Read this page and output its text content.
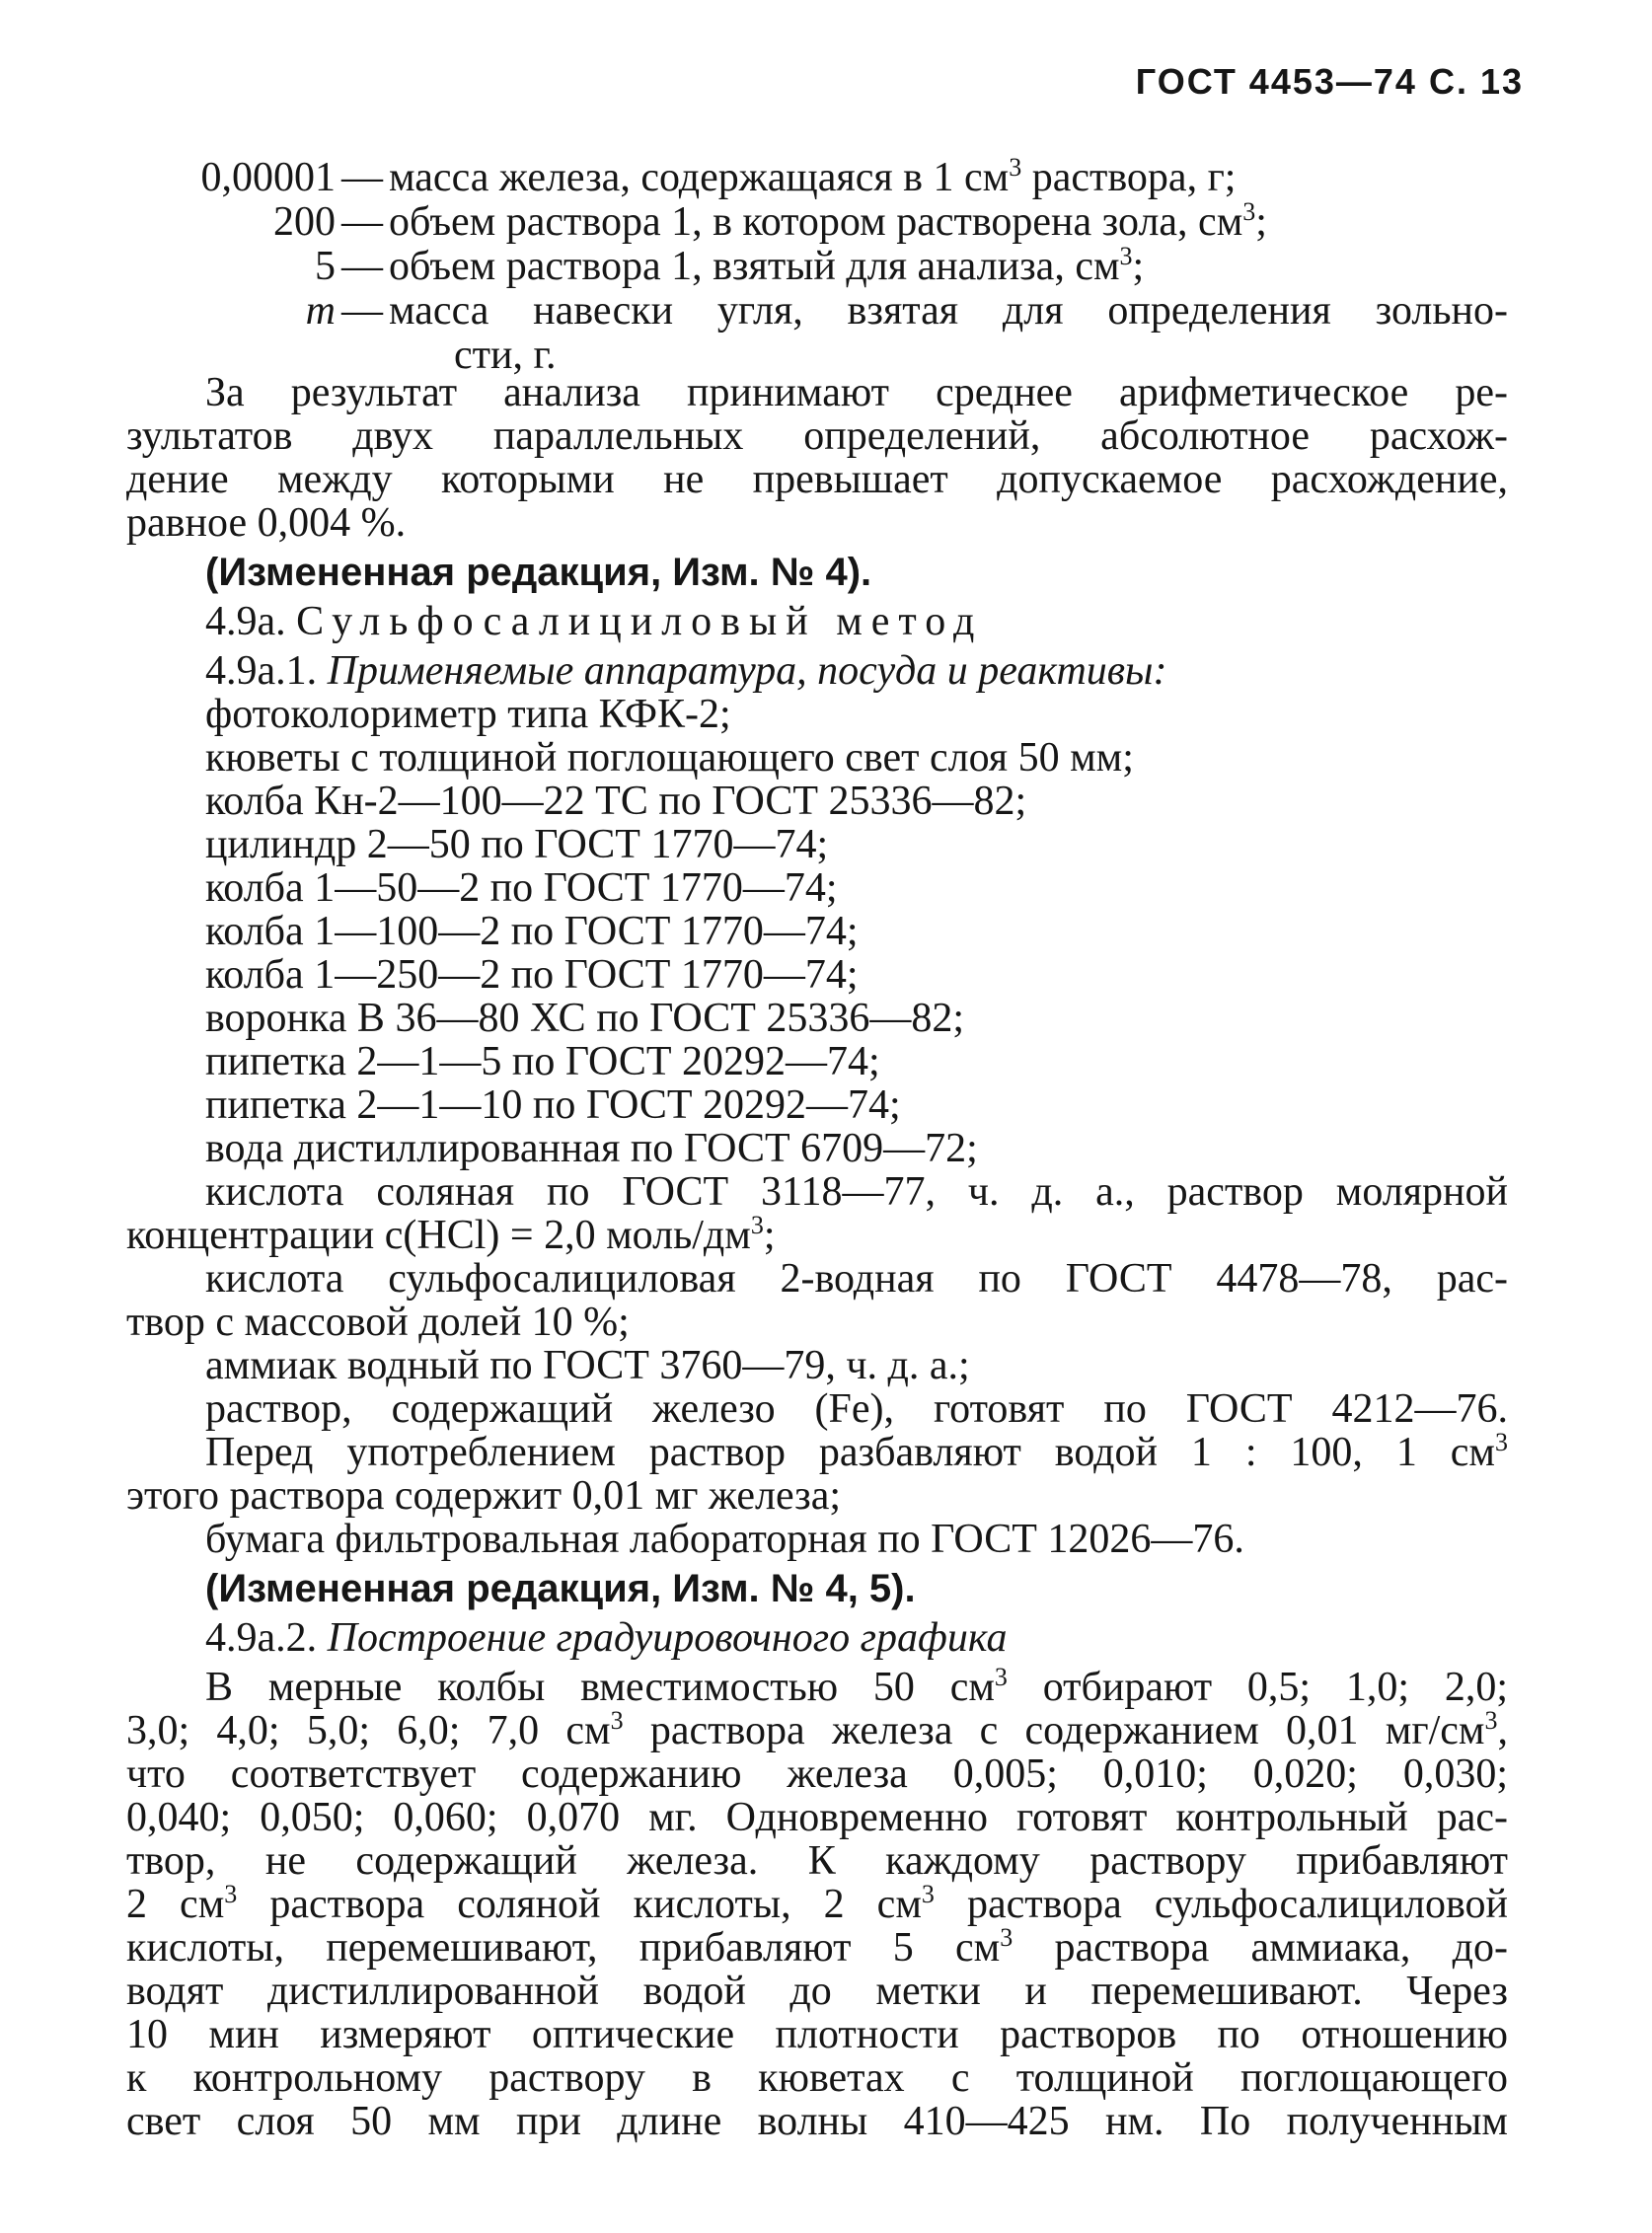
ГОСТ 4453—74 С. 13
0,00001 — масса железа, содержащаяся в 1 $см^3$ раствора, г;
200 — объем раствора 1, в котором растворена зола, $см^3$;
5 — объем раствора 1, взятый для анализа, $см^3$;
m — масса навески угля, взятая для определения зольно-
сти, г.
За результат анализа принимают среднее арифметическое ре-
зультатов двух параллельных определений, абсолютное расхож-
дение между которыми не превышает допускаемое расхождение,
равное 0,004 %.
(Измененная редакция, Изм. № 4).
4.9а. Сульфосалициловый метод
4.9а.1. Применяемые аппаратура, посуда и реактивы:
фотоколориметр типа КФК-2;
кюветы с толщиной поглощающего свет слоя 50 мм;
колба Кн-2—100—22 ТС по ГОСТ 25336—82;
цилиндр 2—50 по ГОСТ 1770—74;
колба 1—50—2 по ГОСТ 1770—74;
колба 1—100—2 по ГОСТ 1770—74;
колба 1—250—2 по ГОСТ 1770—74;
воронка В 36—80 ХС по ГОСТ 25336—82;
пипетка 2—1—5 по ГОСТ 20292—74;
пипетка 2—1—10 по ГОСТ 20292—74;
вода дистиллированная по ГОСТ 6709—72;
кислота соляная по ГОСТ 3118—77, ч. д. а., раствор молярной
концентрации c(HCl) = 2,0 моль/$дм^3$;
кислота сульфосалициловая 2-водная по ГОСТ 4478—78, рас-
твор с массовой долей 10 %;
аммиак водный по ГОСТ 3760—79, ч. д. а.;
раствор, содержащий железо (Fe), готовят по ГОСТ 4212—76.
Перед употреблением раствор разбавляют водой 1 : 100, 1 $см^3$
этого раствора содержит 0,01 мг железа;
бумага фильтровальная лабораторная по ГОСТ 12026—76.
(Измененная редакция, Изм. № 4, 5).
4.9а.2. Построение градуировочного графика
В мерные колбы вместимостью 50 $см^3$ отбирают 0,5; 1,0; 2,0;
3,0; 4,0; 5,0; 6,0; 7,0 $см^3$ раствора железа с содержанием 0,01 $мг/см^3$,
что соответствует содержанию железа 0,005; 0,010; 0,020; 0,030;
0,040; 0,050; 0,060; 0,070 мг. Одновременно готовят контрольный рас-
твор, не содержащий железа. К каждому раствору прибавляют
2 $см^3$ раствора соляной кислоты, 2 $см^3$ раствора сульфосалициловой
кислоты, перемешивают, прибавляют 5 $см^3$ раствора аммиака, до-
водят дистиллированной водой до метки и перемешивают. Через
10 мин измеряют оптические плотности растворов по отношению
к контрольному раствору в кюветах с толщиной поглощающего
свет слоя 50 мм при длине волны 410—425 нм. По полученным
